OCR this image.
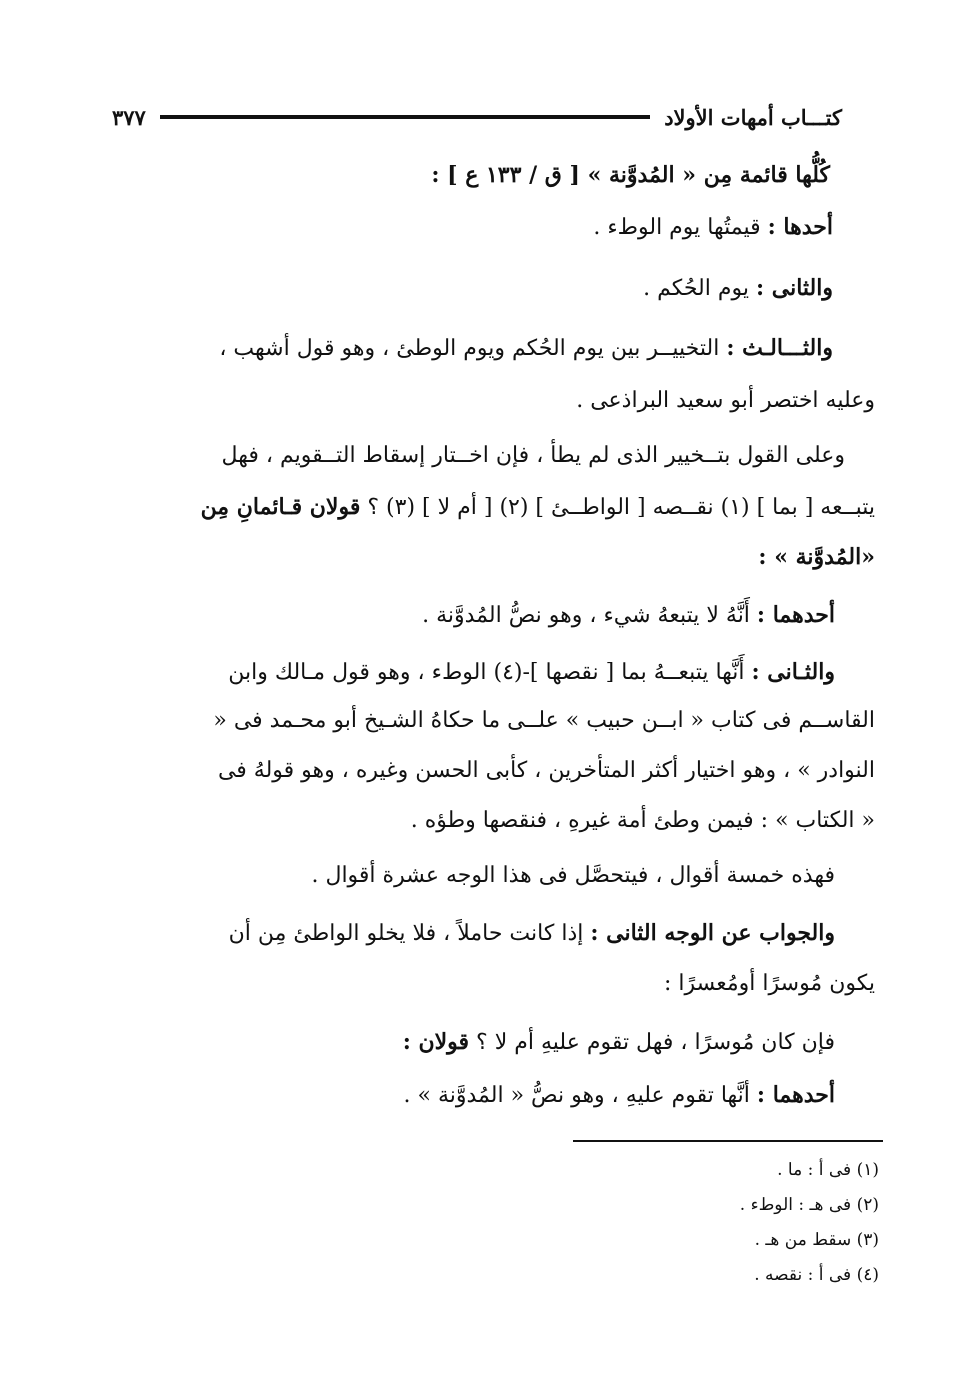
كتـــاب أمهات الأولاد
٣٧٧
كُلُّها قائمة مِن « المُدوَّنة » [ ق / ١٣٣ ع ] :
أحدها : قيمتُها يوم الوطء .
والثانى : يوم الحُكم .
والثـــالـث : التخييــر بين يوم الحُكم ويوم الوطئ ، وهو قول أشهب ،
وعليه اختصر أبو سعيد البراذعى .
وعلى القول بتــخيير الذى لم يطأ ، فإن اخــتار إسقاط التــقويم ، فهل
يتبــعه [ بما ] (١) نقــصه [ الواطــئ ] (٢) [ أم لا ] (٣) ؟ قولان قـائمانِ مِن
«المُدوَّنة » :
أحدهما : أَنَّهُ لا يتبعهُ شيء ، وهو نصُّ المُدوَّنة .
والثـانى : أَنَّها يتبعــهُ بما [ نقصها ]-(٤) الوطء ، وهو قول مـالك وابن
القاســم فى كتاب « ابــن حبيب » علــى ما حكاهُ الشـيخ أبو محـمد فى «
النوادر » ، وهو اختيار أكثر المتأخرين ، كأبى الحسن وغيره ، وهو قولهُ فى
« الكتاب » : فيمن وطئ أمة غيرهِ ، فنقصها وطؤه .
فهذه خمسة أقوال ، فيتحصَّل فى هذا الوجه عشرة أقوال .
والجواب عن الوجه الثانى : إذا كانت حاملاً ، فلا يخلو الواطئ مِن أن
يكون مُوسرًا أومُعسرًا :
فإن كان مُوسرًا ، فهل تقوم عليهِ أم لا ؟ قولان :
أحدهما : أنَّها تقوم عليهِ ، وهو نصُّ « المُدوَّنة » .
(١) فى أ : ما .
(٢) فى هـ : الوطء .
(٣) سقط من هـ .
(٤) فى أ : نقصه .
